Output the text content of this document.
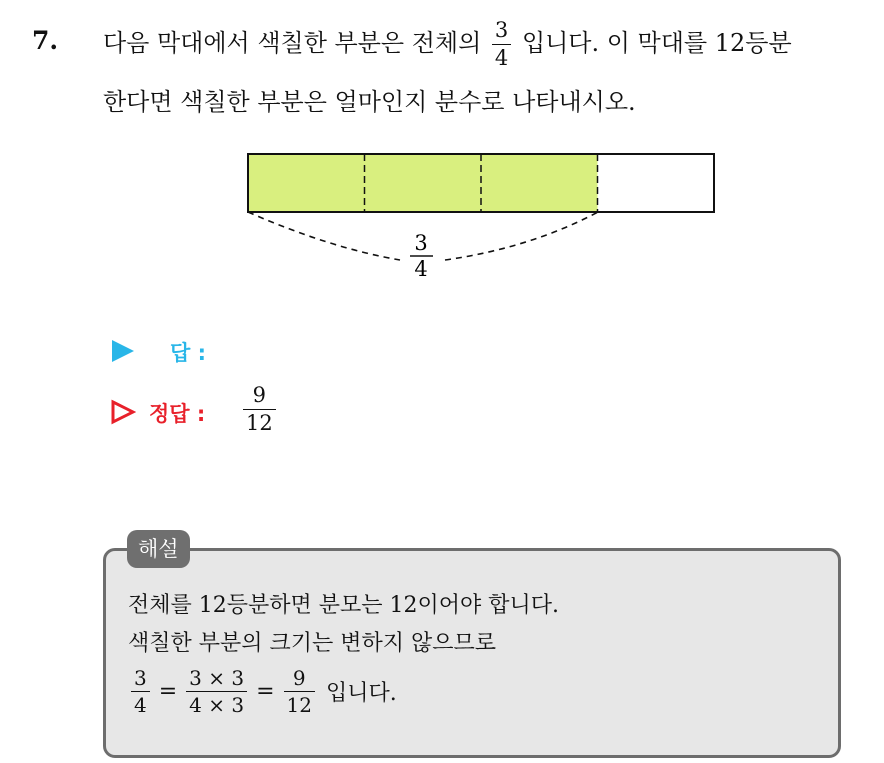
7. 다음 막대에서 색칠한 부분은 전체의 $\frac{3}{4}$ 입니다. 이 막대를 12등분
한다면 색칠한 부분은 얼마인지 분수로 나타내시오.
3
4
답 :
정답 : $\frac{9}{12}$
해설
전체를 12등분하면 분모는 12이어야 합니다.
색칠한 부분의 크기는 변하지 않으므로
$\frac{3}{4} = \frac{3 \times 3}{4 \times 3} = \frac{9}{12}$ 입니다.
